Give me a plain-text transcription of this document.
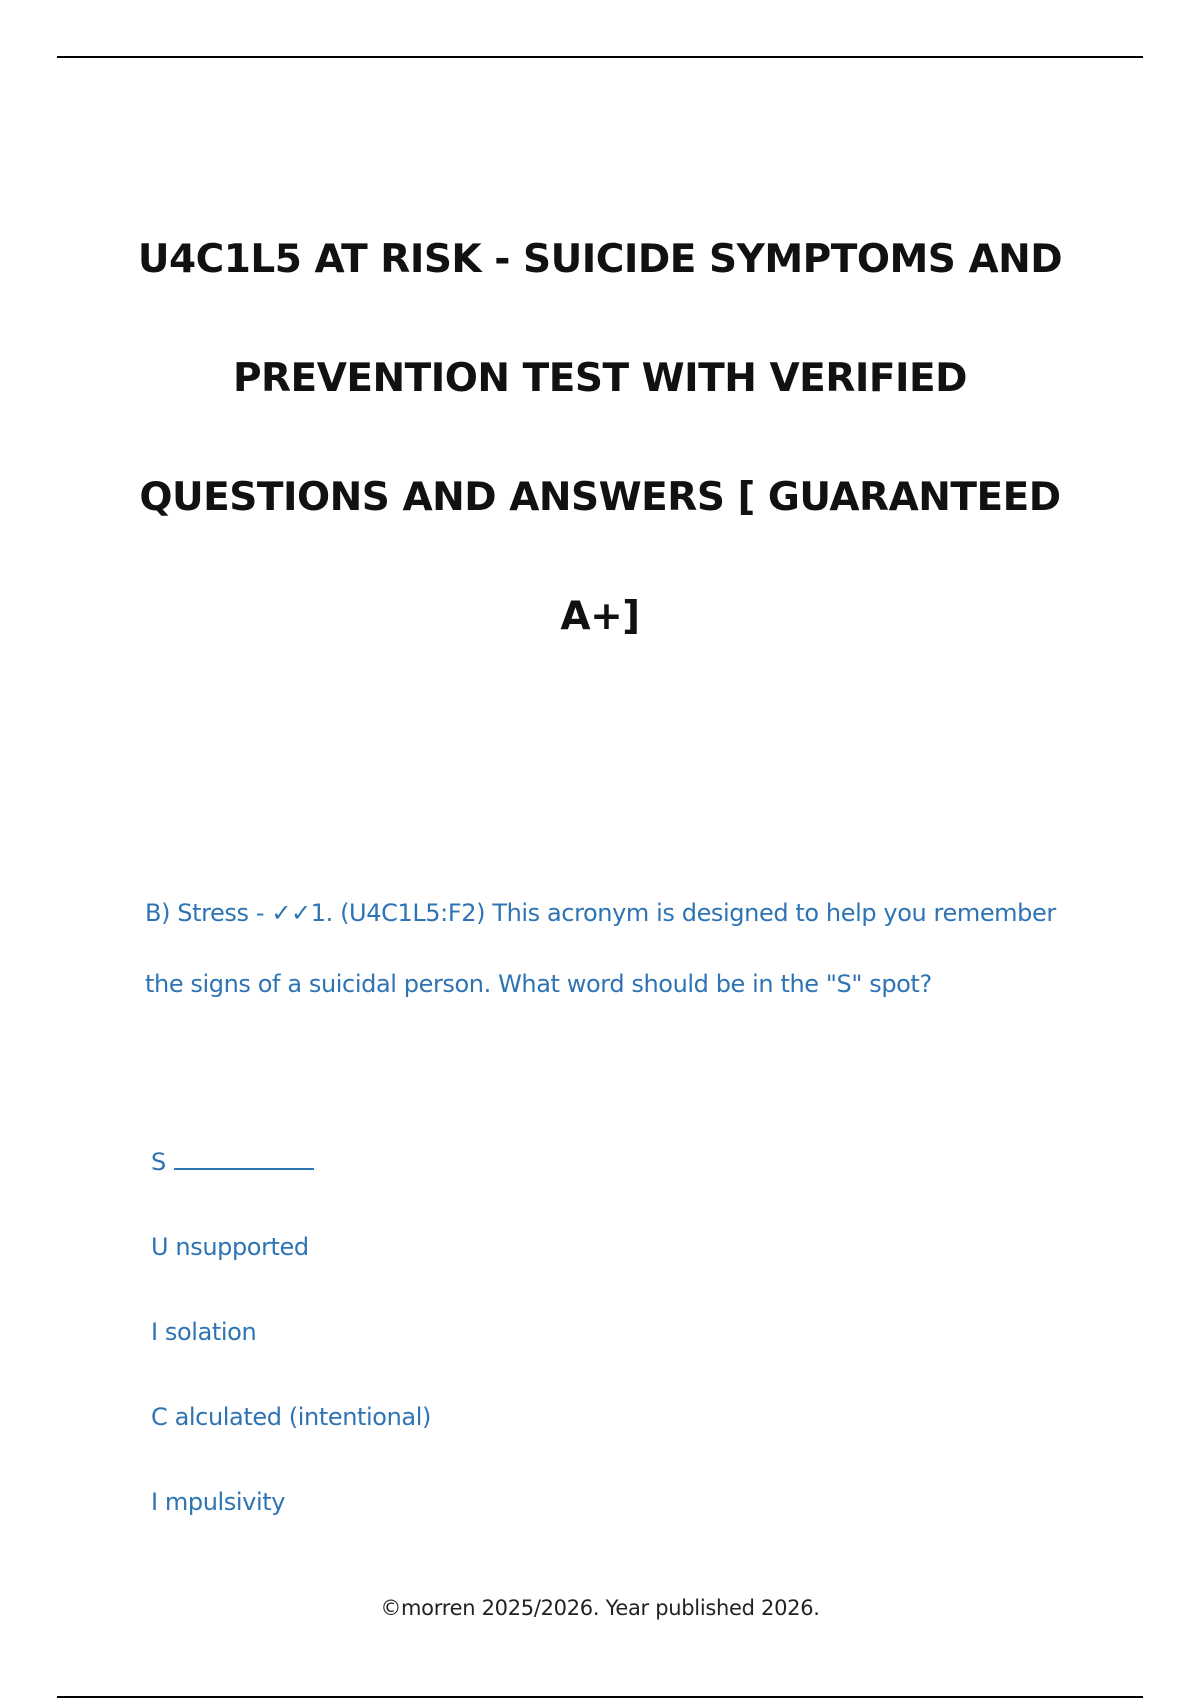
U4C1L5 AT RISK - SUICIDE SYMPTOMS AND
PREVENTION TEST WITH VERIFIED
QUESTIONS AND ANSWERS [ GUARANTEED
A+]

B) Stress - ✓✓1. (U4C1L5:F2) This acronym is designed to help you remember the signs of a suicidal person. What word should be in the "S" spot?

S
U nsupported
I solation
C alculated (intentional)
I mpulsivity

©morren 2025/2026. Year published 2026.
